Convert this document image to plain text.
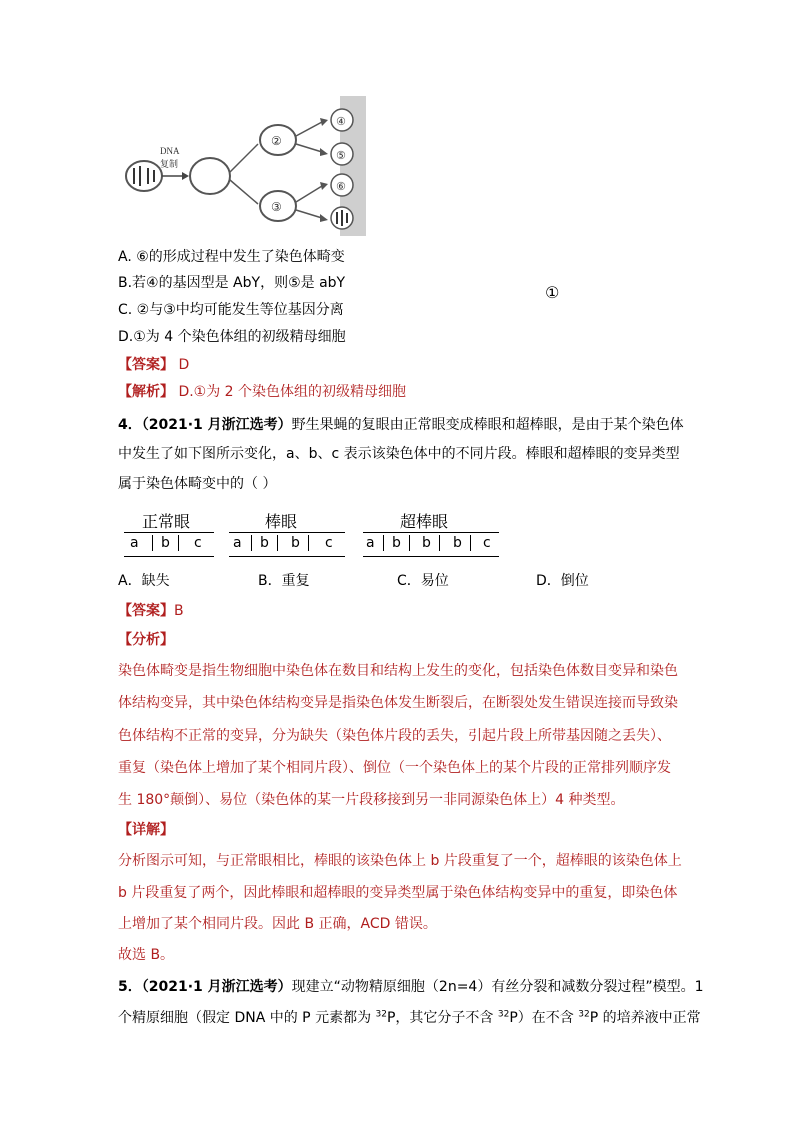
DNA
复制
②
③
④
⑤
⑥
A. ⑥的形成过程中发生了染色体畸变
B.若④的基因型是 AbY，则⑤是 abY
C. ②与③中均可能发生等位基因分离
D.①为 4 个染色体组的初级精母细胞
①
【答案】 D
【解析】 D.①为 2 个染色体组的初级精母细胞
4．（2021·1 月浙江选考）野生果蝇的复眼由正常眼变成棒眼和超棒眼，是由于某个染色体
中发生了如下图所示变化，a、b、c 表示该染色体中的不同片段。棒眼和超棒眼的变异类型
属于染色体畸变中的（ ）
正常眼	棒眼	超棒眼
a	b	c a	b	b	c a	b	b	b	c
A．缺失	B．重复	C．易位	D．倒位
【答案】B
【分析】
染色体畸变是指生物细胞中染色体在数目和结构上发生的变化，包括染色体数目变异和染色
体结构变异，其中染色体结构变异是指染色体发生断裂后，在断裂处发生错误连接而导致染
色体结构不正常的变异，分为缺失（染色体片段的丢失，引起片段上所带基因随之丢失）、
重复（染色体上增加了某个相同片段）、倒位（一个染色体上的某个片段的正常排列顺序发
生 180°颠倒）、易位（染色体的某一片段移接到另一非同源染色体上）4 种类型。
【详解】
分析图示可知，与正常眼相比，棒眼的该染色体上 b 片段重复了一个，超棒眼的该染色体上
b 片段重复了两个，因此棒眼和超棒眼的变异类型属于染色体结构变异中的重复，即染色体
上增加了某个相同片段。因此 B 正确，ACD 错误。
故选 B。
5．（2021·1 月浙江选考）现建立“动物精原细胞（2n=4）有丝分裂和减数分裂过程”模型。1
个精原细胞（假定 DNA 中的 P 元素都为 $^{32}$P，其它分子不含 $^{32}$P）在不含 $^{32}$P 的培养液中正常
